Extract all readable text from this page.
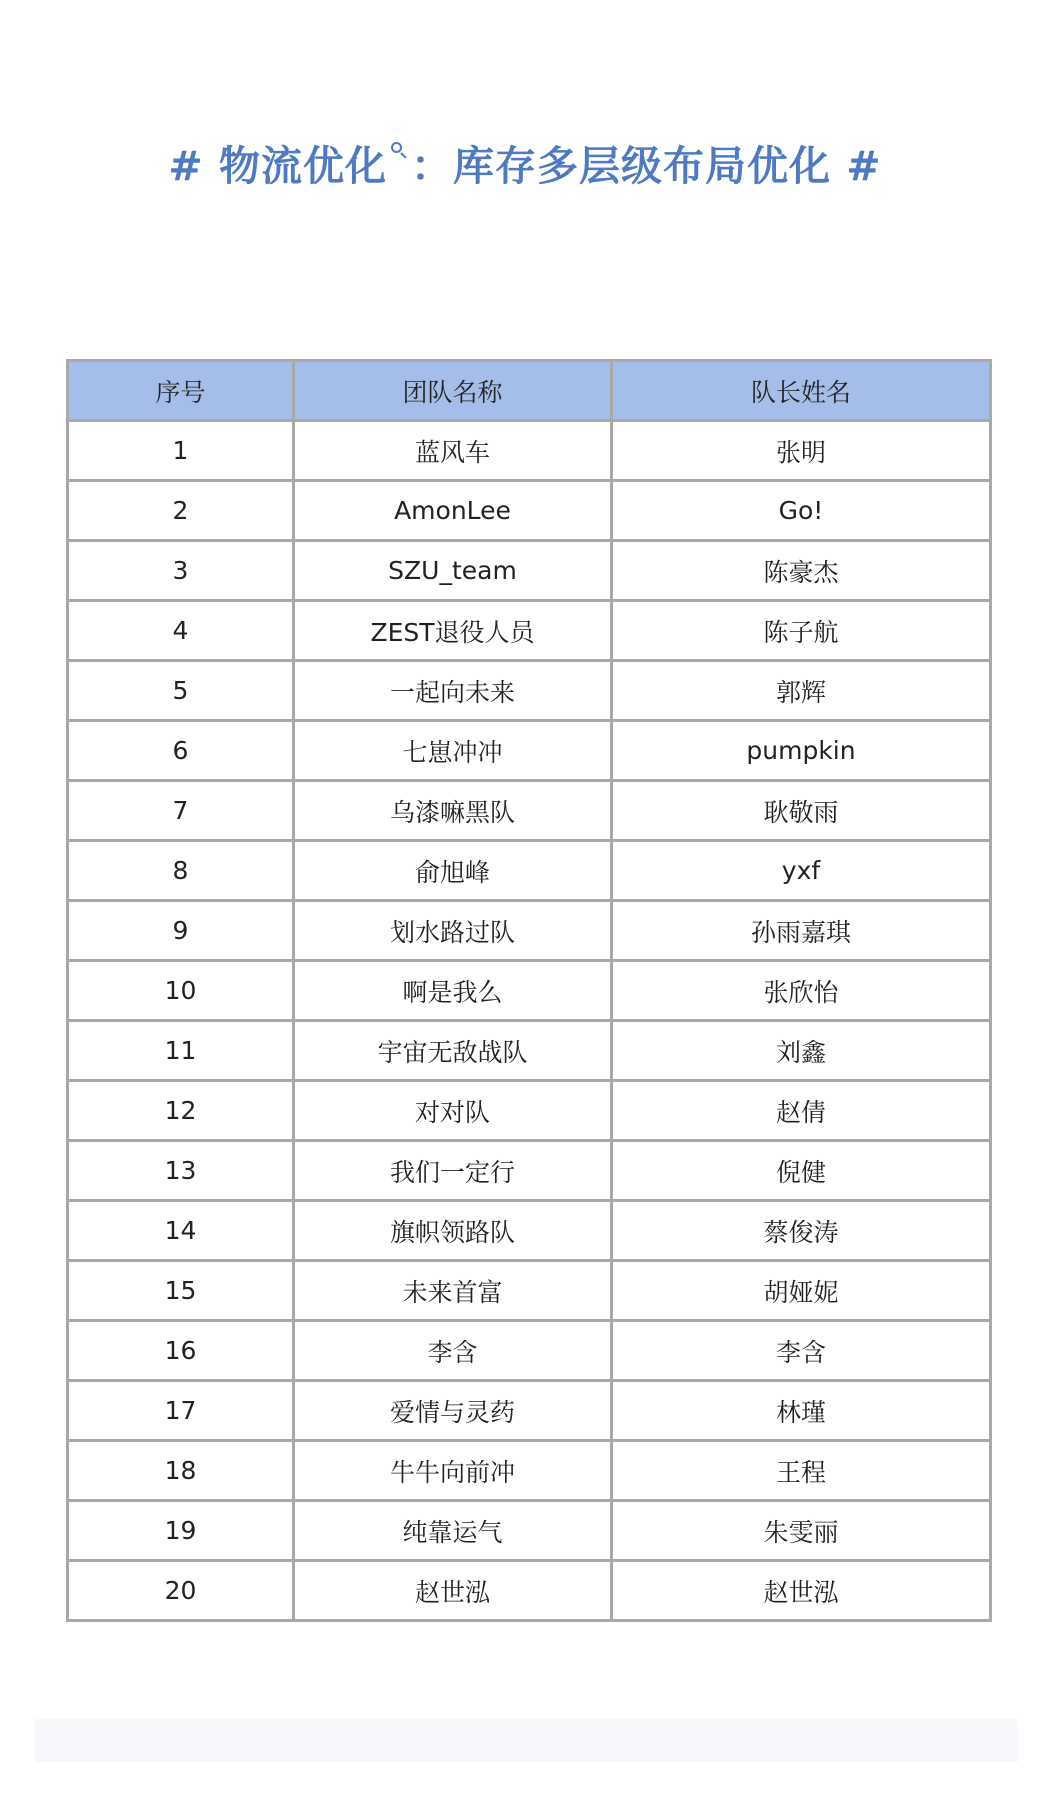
# 物流优化 ：库存多层级布局优化 #
序号	团队名称	队长姓名
1	蓝风车	张明
2	AmonLee	Go!
3	SZU_team	陈豪杰
4	ZEST退役人员	陈子航
5	一起向未来	郭辉
6	七崽冲冲	pumpkin
7	乌漆嘛黑队	耿敬雨
8	俞旭峰	yxf
9	划水路过队	孙雨嘉琪
10	啊是我么	张欣怡
11	宇宙无敌战队	刘鑫
12	对对队	赵倩
13	我们一定行	倪健
14	旗帜领路队	蔡俊涛
15	未来首富	胡娅妮
16	李含	李含
17	爱情与灵药	林瑾
18	牛牛向前冲	王程
19	纯靠运气	朱雯丽
20	赵世泓	赵世泓
